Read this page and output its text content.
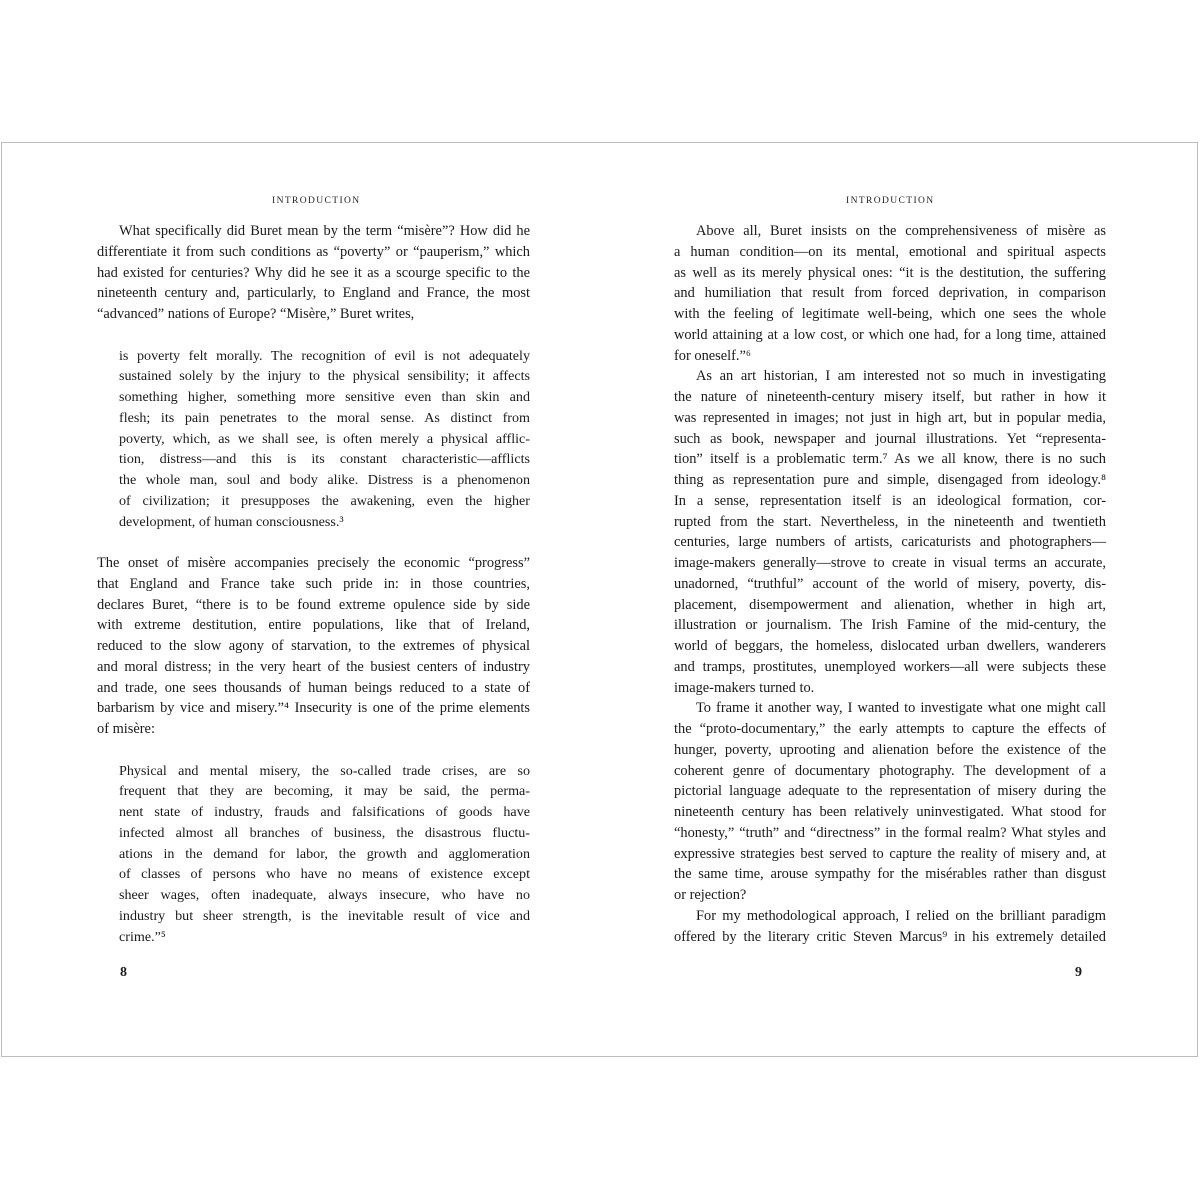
INTRODUCTION
What specifically did Buret mean by the term “misère”? How did he
differentiate it from such conditions as “poverty” or “pauperism,” which
had existed for centuries? Why did he see it as a scourge specific to the
nineteenth century and, particularly, to England and France, the most
“advanced” nations of Europe? “Misère,” Buret writes,
is poverty felt morally. The recognition of evil is not adequately
sustained solely by the injury to the physical sensibility; it affects
something higher, something more sensitive even than skin and
flesh; its pain penetrates to the moral sense. As distinct from
poverty, which, as we shall see, is often merely a physical afflic-
tion, distress—and this is its constant characteristic—afflicts
the whole man, soul and body alike. Distress is a phenomenon
of civilization; it presupposes the awakening, even the higher
development, of human consciousness.³
The onset of misère accompanies precisely the economic “progress”
that England and France take such pride in: in those countries,
declares Buret, “there is to be found extreme opulence side by side
with extreme destitution, entire populations, like that of Ireland,
reduced to the slow agony of starvation, to the extremes of physical
and moral distress; in the very heart of the busiest centers of industry
and trade, one sees thousands of human beings reduced to a state of
barbarism by vice and misery.”⁴ Insecurity is one of the prime elements
of misère:
Physical and mental misery, the so-called trade crises, are so
frequent that they are becoming, it may be said, the perma-
nent state of industry, frauds and falsifications of goods have
infected almost all branches of business, the disastrous fluctu-
ations in the demand for labor, the growth and agglomeration
of classes of persons who have no means of existence except
sheer wages, often inadequate, always insecure, who have no
industry but sheer strength, is the inevitable result of vice and
crime.”⁵
8
INTRODUCTION
Above all, Buret insists on the comprehensiveness of misère as
a human condition—on its mental, emotional and spiritual aspects
as well as its merely physical ones: “it is the destitution, the suffering
and humiliation that result from forced deprivation, in comparison
with the feeling of legitimate well-being, which one sees the whole
world attaining at a low cost, or which one had, for a long time, attained
for oneself.”⁶
As an art historian, I am interested not so much in investigating
the nature of nineteenth-century misery itself, but rather in how it
was represented in images; not just in high art, but in popular media,
such as book, newspaper and journal illustrations. Yet “representa-
tion” itself is a problematic term.⁷ As we all know, there is no such
thing as representation pure and simple, disengaged from ideology.⁸
In a sense, representation itself is an ideological formation, cor-
rupted from the start. Nevertheless, in the nineteenth and twentieth
centuries, large numbers of artists, caricaturists and photographers—
image-makers generally—strove to create in visual terms an accurate,
unadorned, “truthful” account of the world of misery, poverty, dis-
placement, disempowerment and alienation, whether in high art,
illustration or journalism. The Irish Famine of the mid-century, the
world of beggars, the homeless, dislocated urban dwellers, wanderers
and tramps, prostitutes, unemployed workers—all were subjects these
image-makers turned to.
To frame it another way, I wanted to investigate what one might call
the “proto-documentary,” the early attempts to capture the effects of
hunger, poverty, uprooting and alienation before the existence of the
coherent genre of documentary photography. The development of a
pictorial language adequate to the representation of misery during the
nineteenth century has been relatively uninvestigated. What stood for
“honesty,” “truth” and “directness” in the formal realm? What styles and
expressive strategies best served to capture the reality of misery and, at
the same time, arouse sympathy for the misérables rather than disgust
or rejection?
For my methodological approach, I relied on the brilliant paradigm
offered by the literary critic Steven Marcus⁹ in his extremely detailed
9
